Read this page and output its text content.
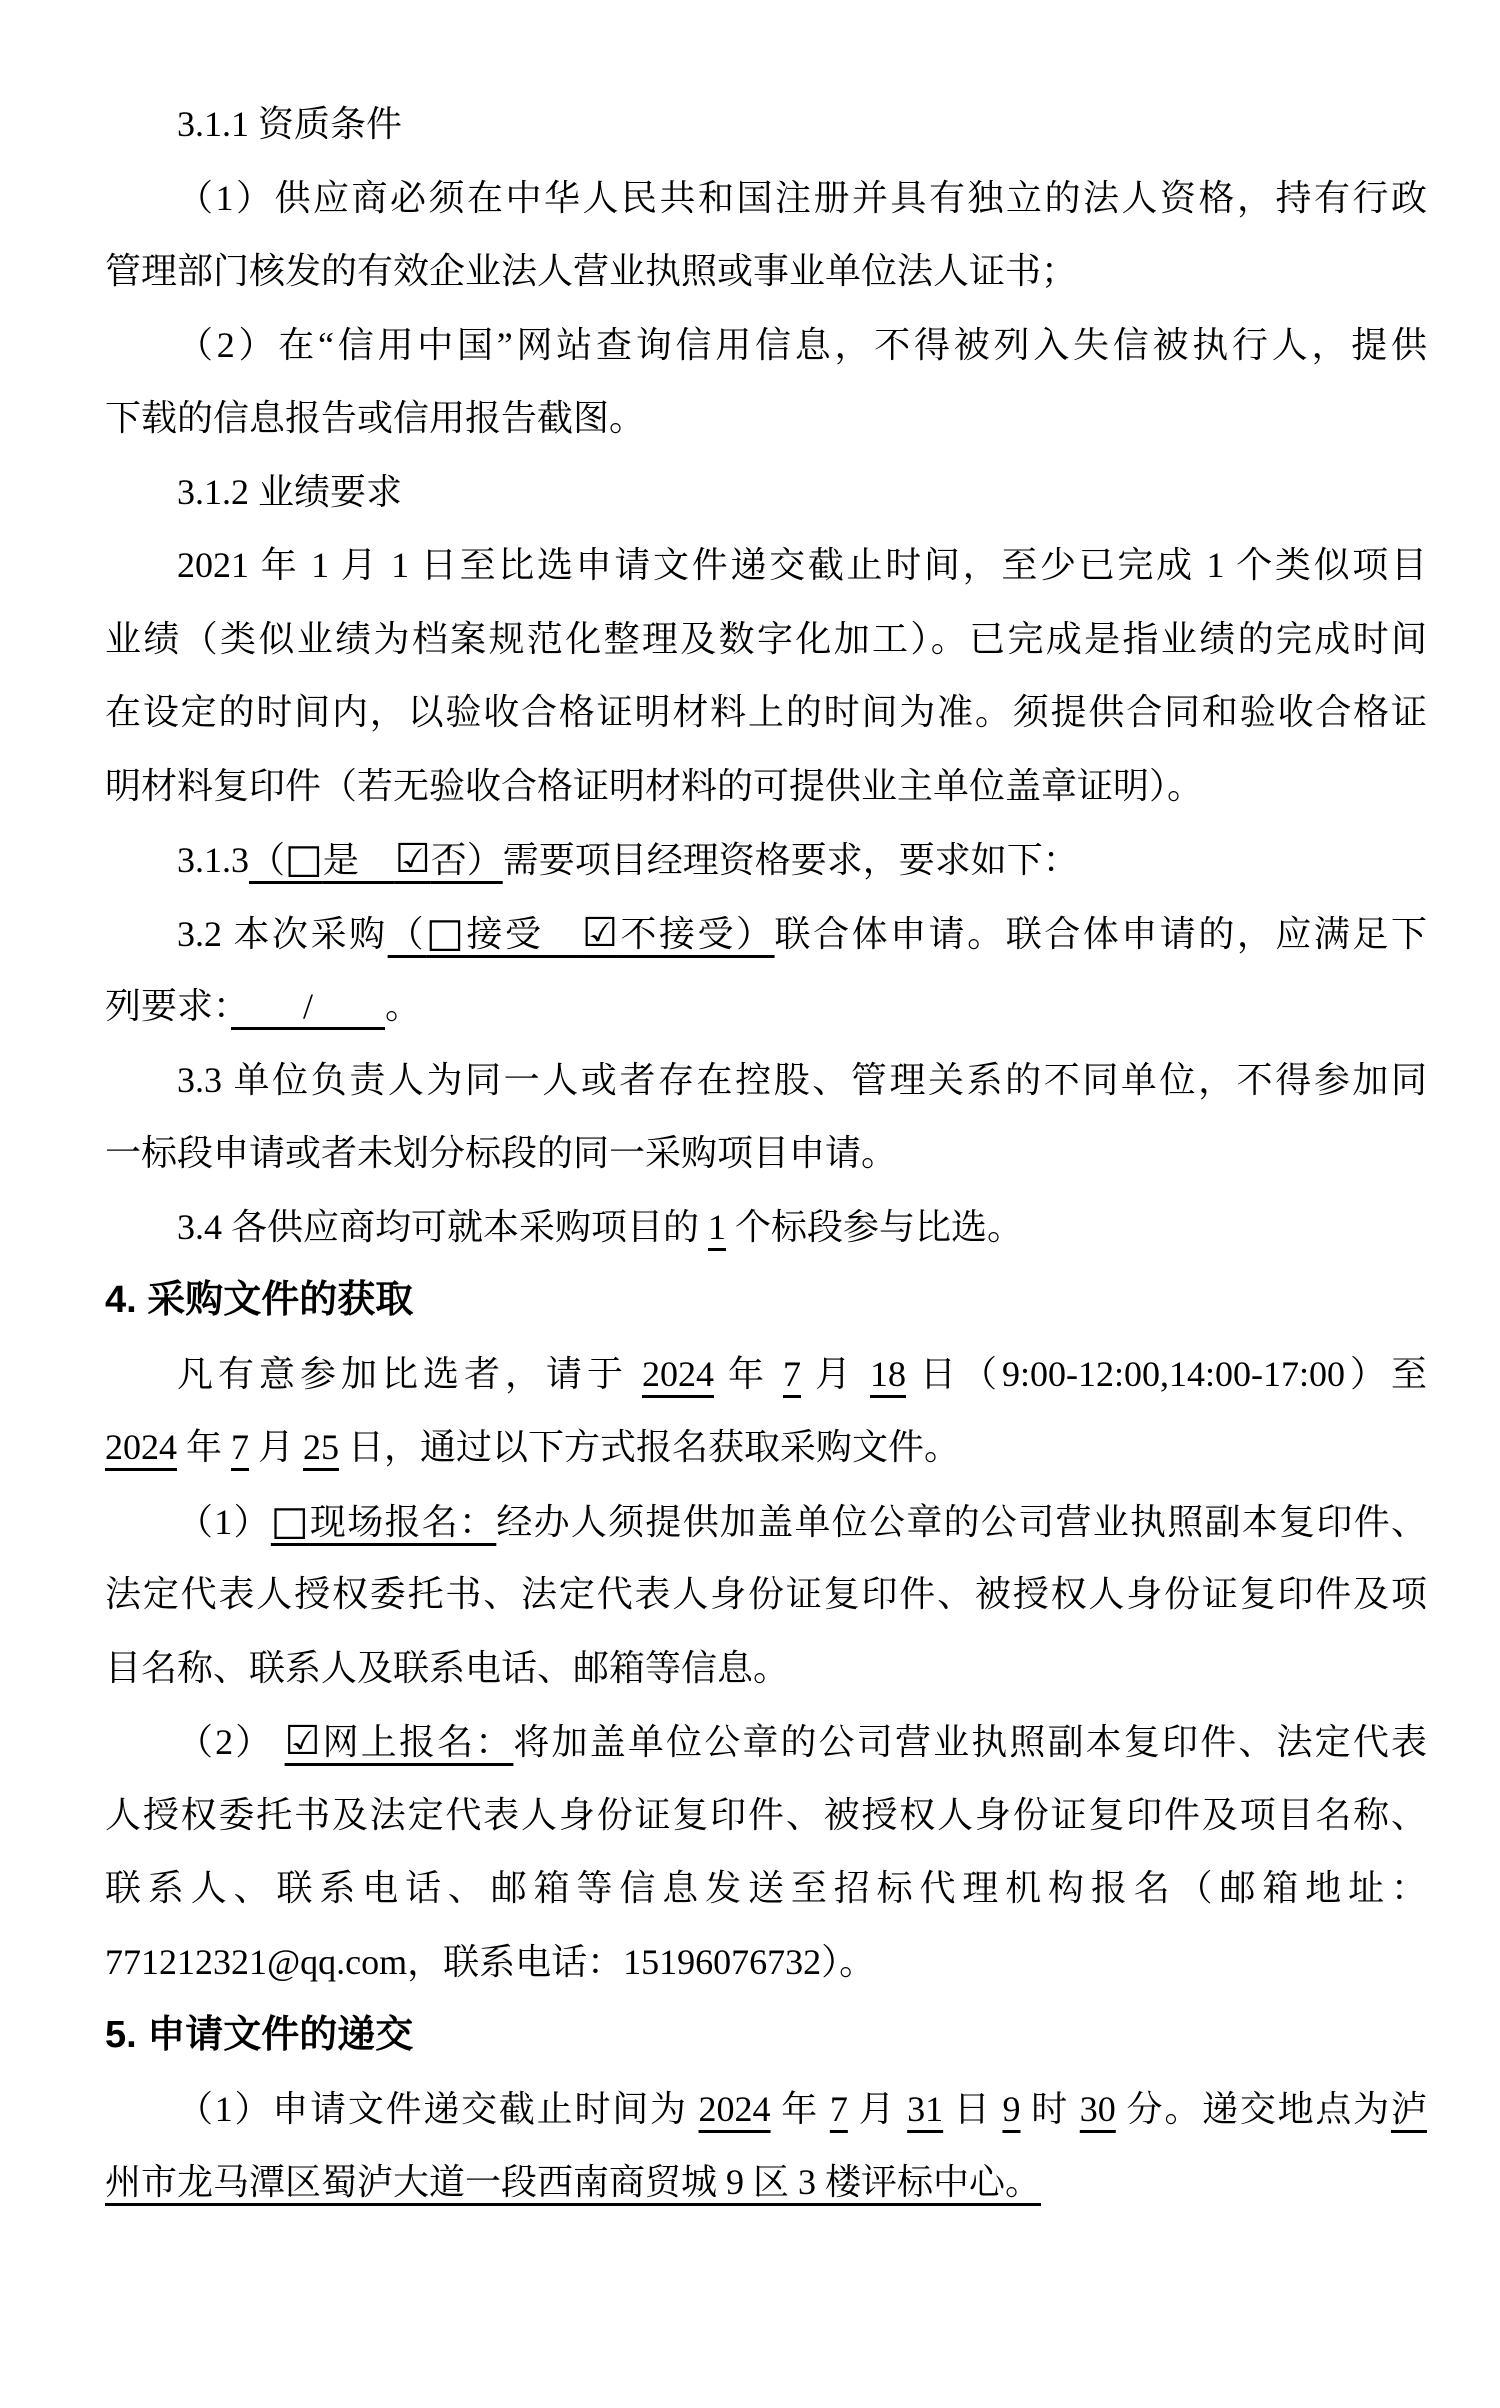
3.1.1 资质条件
（1）供应商必须在中华人民共和国注册并具有独立的法人资格，持有行政
管理部门核发的有效企业法人营业执照或事业单位法人证书；
（2）在“信用中国”网站查询信用信息，不得被列入失信被执行人，提供
下载的信息报告或信用报告截图。
3.1.2 业绩要求
2021 年 1 月 1 日至比选申请文件递交截止时间，至少已完成 1 个类似项目
业绩（类似业绩为档案规范化整理及数字化加工）。已完成是指业绩的完成时间
在设定的时间内，以验收合格证明材料上的时间为准。须提供合同和验收合格证
明材料复印件（若无验收合格证明材料的可提供业主单位盖章证明）。
3.1.3（□是　☑否）需要项目经理资格要求，要求如下：
3.2 本次采购（□接受　☑不接受）联合体申请。联合体申请的，应满足下
列要求：　　/　　。
3.3 单位负责人为同一人或者存在控股、管理关系的不同单位，不得参加同
一标段申请或者未划分标段的同一采购项目申请。
3.4 各供应商均可就本采购项目的 1 个标段参与比选。
4. 采购文件的获取
凡有意参加比选者，请于 2024 年 7 月 18 日（9:00-12:00,14:00-17:00）至
2024 年 7 月 25 日，通过以下方式报名获取采购文件。
（1）□现场报名：经办人须提供加盖单位公章的公司营业执照副本复印件、
法定代表人授权委托书、法定代表人身份证复印件、被授权人身份证复印件及项
目名称、联系人及联系电话、邮箱等信息。
（2） ☑网上报名：将加盖单位公章的公司营业执照副本复印件、法定代表
人授权委托书及法定代表人身份证复印件、被授权人身份证复印件及项目名称、
联系人、联系电话、邮箱等信息发送至招标代理机构报名（邮箱地址：
771212321@qq.com，联系电话：15196076732）。
5. 申请文件的递交
（1）申请文件递交截止时间为 2024 年 7 月 31 日 9 时 30 分。递交地点为泸
州市龙马潭区蜀泸大道一段西南商贸城 9 区 3 楼评标中心。
